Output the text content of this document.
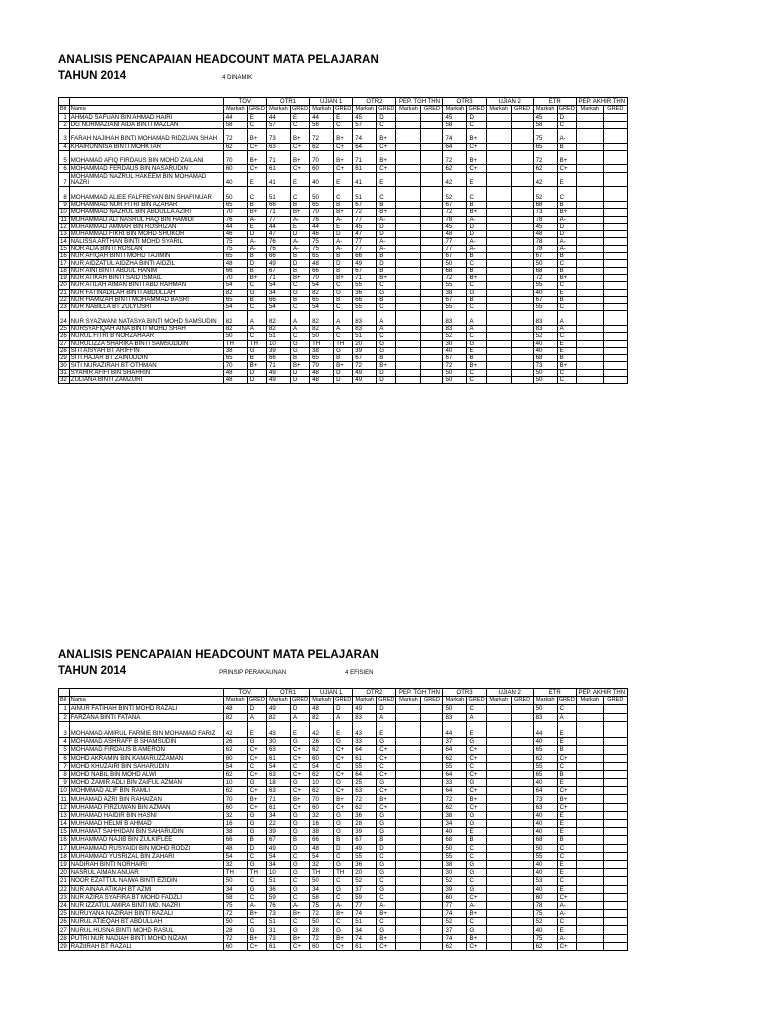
ANALISIS PENCAPAIAN HEADCOUNT MATA PELAJARAN
TAHUN 2014	4 DINAMIK
ANALISIS PENCAPAIAN HEADCOUNT MATA PELAJARAN
TAHUN 2014	PRINSIP PERAKAUNAN	4 EFISIEN
		TOV		OTR1		UJIAN 1		OTR2		PEP. TGH THN		OTR3		UJIAN 2		ETR		PEP. AKHIR THN	
Bil	Nama	Markah	GRED	Markah	GRED	Markah	GRED	Markah	GRED	Markah	GRED	Markah	GRED	Markah	GRED	Markah	GRED	Markah	GRED
1	AHMAD SAFUAN BIN AHMAD HAIRI	44	E	44	E	44	E	45	D			45	D			45	D		
2	DG NURMAZIANI AIDA BINTI MAZLAN	58	C	57	C	56	C	57	C			58	C			58	C		
3	FARAH NAJIHAH BINTI MOHAMAD RIDZUAN SHAH	72	B+	73	B+	72	B+	74	B+			74	B+			75	A-		
4	KHAIRUNNISA BINTI MOHKTAR	62	C+	63	C+	62	C+	64	C+			64	C+			65	B		
5	MOHAMAD AFIQ FIRDAUS BIN MOHD ZAILANI	70	B+	71	B+	70	B+	71	B+			72	B+			72	B+		
6	MOHAMMAD FERDAUS BIN NASARUDIN	60	C+	61	C+	60	C+	61	C+			62	C+			62	C+		
7	MOHAMMAD NAZRUL HAKEEM BIN MOHAMAD NAZRI	40	E	41	E	40	E	41	E			42	E			42	E		
8	MOHAMMAD ALIEE FALFREYAN BIN SHAFINUAR	50	C	51	C	50	C	51	C			52	C			52	C		
9	MOHAMMAD NUR FITRI BIN AZAHAR	65	B	66	B	65	B	67	B			67	B			68	B		
10	MOHAMMAD NAZRUL BIN ABDULLA AZIRI	70	B+	71	B+	70	B+	72	B+			72	B+			73	B+		
11	MUHAMMAD ALI NASRUL HAQ BIN HAMIDI	76	A-	77	A-	76	A-	77	A-			78	A-			78	A-		
12	MUHAMMAD AMMAR BIN ROSHIZAN	44	E	44	E	44	E	45	D			45	D			45	D		
13	MUHAMMAD FIKRI BIN MOHD SHUKOR	46	D	47	D	46	D	47	D			48	D			48	D		
14	NALISSA ARTHAN BINTI MOHD SYARIL	75	A-	76	A-	75	A-	77	A-			77	A-			78	A-		
15	NOR ALIA BINTI ROSLAN	75	A-	76	A-	75	A-	77	A-			77	A-			78	A-		
16	NUR AFIQAH BINTI MOHD TAJIMIN	65	B	66	B	65	B	66	B			67	B			67	B		
17	NUR AIDZATUL AIDZHA BINTI AIDZIL	48	D	49	D	48	D	49	D			50	C			50	C		
18	NUR AINI BINTI ABDUL HANIM	66	B	67	B	66	B	67	B			68	B			68	B		
19	NUR ATIKAH BINTI SAID ISMAIL	70	B+	71	B+	70	B+	71	B+			72	B+			72	B+		
20	NUR ATILAH AIMAN BINTI ABD RAHMAN	54	C	54	C	54	C	55	C			55	C			55	C		
21	NUR FATINADILAH BINTI ABDULLAH	82	G	34	G	82	G	36	G			38	G			40	E		
22	NUR HAMIZAH BINTI MOHAMMAD BASRI	65	B	66	B	65	B	66	B			67	B			67	B		
23	NUR NABILLA BT ZULYUSRI	54	C	54	C	54	C	55	C			55	C			55	C		
24	NUR SYAZWANI NATASYA BINTI MOHD SAMSUDIN	82	A	82	A	82	A	83	A			83	A			83	A		
25	NURSYAFIQAH AINA BINTI MOHD SHAH	82	A	82	A	82	A	83	A			83	A			83	A		
26	NURUL FITRI B NORZAHAAR	50	C	51	C	50	C	51	C			52	C			52	C		
27	NURULIZZA SHARIKA BINTI SAMSUDDIN	TH	TH	10	G	TH	TH	20	G			30	G			40	E		
28	SITI AISYAH BT ARIFFIN	38	G	39	G	38	G	39	G			40	E			40	E		
29	SITI HAJAR BT ZAINUDDIN	65	B	66	B	65	B	67	B			67	B			68	B		
30	SITI NURAZIRAH BT OTHMAN	70	B+	71	B+	70	B+	72	B+			72	B+			73	B+		
31	SYAHIR AFIFI BIN SHAHRIN	48	D	49	D	48	D	49	D			50	C			50	C		
32	ZULIANA BINTI ZAMZURI	48	D	49	D	48	D	49	D			50	C			50	C		
		TOV		OTR1		UJIAN 1		OTR2		PEP. TGH THN		OTR3		UJIAN 2		ETR		PEP. AKHIR THN	
Bil	Nama	Markah	GRED	Markah	GRED	Markah	GRED	Markah	GRED	Markah	GRED	Markah	GRED	Markah	GRED	Markah	GRED	Markah	GRED
1	AINUR FATIHAH BINTI MOHD RAZALI	48	D	49	D	48	D	49	D			50	C			50	C		
2	FARZANA BINTI FATANA	82	A	82	A	82	A	83	A			83	A			83	A		
3	MOHAMAD AMIRUL FARMIE BIN MOHAMAD FARIZ	42	E	43	E	42	E	43	E			44	E			44	E		
4	MOHAMAD ASHRAFF B SHAMSUDIN	26	G	30	G	26	G	33	G			37	G			40	E		
5	MOHAMAD FIRDAUS B AMERON	62	C+	63	C+	62	C+	64	C+			64	C+			65	B		
6	MOHD AKRAMIN BIN KAMARUZZAMAN	60	C+	61	C+	60	C+	61	C+			62	C+			62	C+		
7	MOHD KHUZAIRI BIN SAHARUDIN	54	C	54	C	54	C	55	C			55	C			55	C		
8	MOHD NABIL BIN MOHD ALWI	62	C+	63	C+	62	C+	64	C+			64	C+			65	B		
9	MOHD ZAMIR ADLI BIN ZAIFUL AZMAN	10	G	18	G	10	G	25	G			33	G			40	E		
10	MOHMMAD ALIF BIN RAMLI	62	C+	63	C+	62	C+	63	C+			64	C+			64	C+		
11	MUHAMAD AZRI BIN RAHAIZAN	70	B+	71	B+	70	B+	72	B+			72	B+			73	B+		
12	MUHAMAD FIRZUWAN BIN AZMAN	60	C+	61	C+	60	C+	62	C+			62	C+			63	C+		
13	MUHAMAD HAIDIR BIN HASNI	32	G	34	G	32	G	36	G			38	G			40	E		
14	MUHAMAD HELMI B AHMAD	16	G	22	G	16	G	28	G			34	G			40	E		
15	MUHAMAT SAHHIDAN BIN SAHARUDIN	38	G	39	G	38	G	39	G			40	E			40	E		
16	MUHAMMAD NAJIB BIN ZULKIFLEE	66	B	67	B	66	B	67	B			68	B			68	B		
17	MUHAMMAD RUSYAIDI BIN MOHD RODZI	48	D	49	D	48	D	49	D			50	C			50	C		
18	MUHAMMAD YUSRIZAL BIN ZAHARI	54	C	54	C	54	C	55	C			55	C			55	C		
19	NADIRAH BINTI NORHAIRI	32	G	34	G	32	G	36	G			38	G			40	E		
20	NASRUL AIMAN ANUAR	TH	TH	10	G	TH	TH	20	G			30	G			40	E		
21	NOOR EZATTUL NAIWA BINTI EZIDIN	50	C	51	C	50	C	52	C			52	C			53	C		
22	NUR AINAA ATIKAH BT AZMI	34	G	36	G	34	G	37	G			39	G			40	E		
23	NUR AZIRA SYAFIRA BT MOHD FADZLI	58	C	59	C	58	C	59	C			60	C+			60	C+		
24	NUR IZZATUL AMIRA BINTI MD. NAZRI	75	A-	76	A-	75	A-	77	A-			77	A-			78	A-		
25	NURUYANA NAZIRAH BINTI RAZALI	72	B+	73	B+	72	B+	74	B+			74	B+			75	A-		
26	NURUL ATIEQAH BT ABDULLAH	50	C	51	C	50	C	51	C			52	C			52	C		
27	NURUL HUSNA BINTI MOHD RASUL	28	G	31	G	28	G	34	G			37	G			40	E		
28	PUTRI NUR NADIAH BINTI MOHD NIZAM	72	B+	73	B+	72	B+	74	B+			74	B+			75	A-		
29	RAZIIRAH BT RAZALI	60	C+	61	C+	60	C+	61	C+			62	C+			62	C+		
